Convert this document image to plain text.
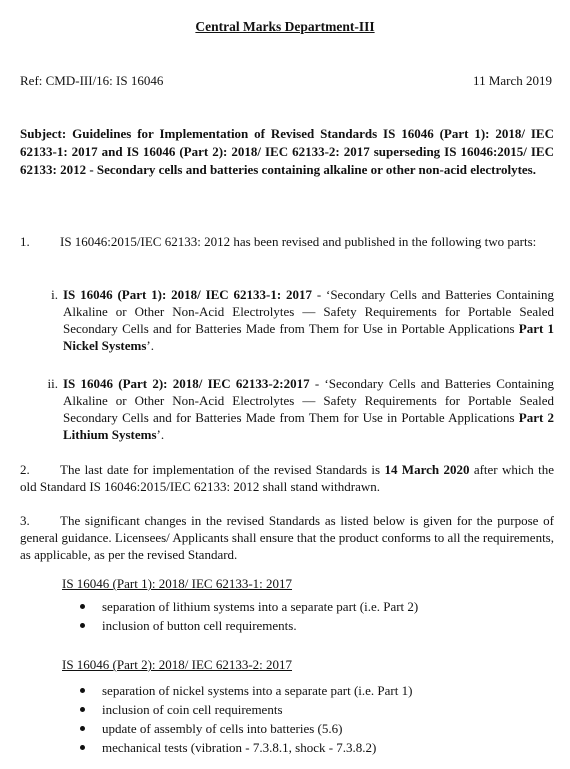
Central Marks Department-III
Ref: CMD-III/16: IS 16046	11 March 2019
Subject: Guidelines for Implementation of Revised Standards IS 16046 (Part 1): 2018/ IEC 62133-1: 2017 and IS 16046 (Part 2): 2018/ IEC 62133-2: 2017 superseding IS 16046:2015/ IEC 62133: 2012 - Secondary cells and batteries containing alkaline or other non-acid electrolytes.
1. IS 16046:2015/IEC 62133: 2012 has been revised and published in the following two parts:
i. IS 16046 (Part 1): 2018/ IEC 62133-1: 2017 - ‘Secondary Cells and Batteries Containing Alkaline or Other Non-Acid Electrolytes — Safety Requirements for Portable Sealed Secondary Cells and for Batteries Made from Them for Use in Portable Applications Part 1 Nickel Systems’.
ii. IS 16046 (Part 2): 2018/ IEC 62133-2:2017 - ‘Secondary Cells and Batteries Containing Alkaline or Other Non-Acid Electrolytes — Safety Requirements for Portable Sealed Secondary Cells and for Batteries Made from Them for Use in Portable Applications Part 2 Lithium Systems’.
2. The last date for implementation of the revised Standards is 14 March 2020 after which the old Standard IS 16046:2015/IEC 62133: 2012 shall stand withdrawn.
3. The significant changes in the revised Standards as listed below is given for the purpose of general guidance. Licensees/ Applicants shall ensure that the product conforms to all the requirements, as applicable, as per the revised Standard.
IS 16046 (Part 1): 2018/ IEC 62133-1: 2017
separation of lithium systems into a separate part (i.e. Part 2)
inclusion of button cell requirements.
IS 16046 (Part 2): 2018/ IEC 62133-2: 2017
separation of nickel systems into a separate part (i.e. Part 1)
inclusion of coin cell requirements
update of assembly of cells into batteries (5.6)
mechanical tests (vibration - 7.3.8.1, shock - 7.3.8.2)
